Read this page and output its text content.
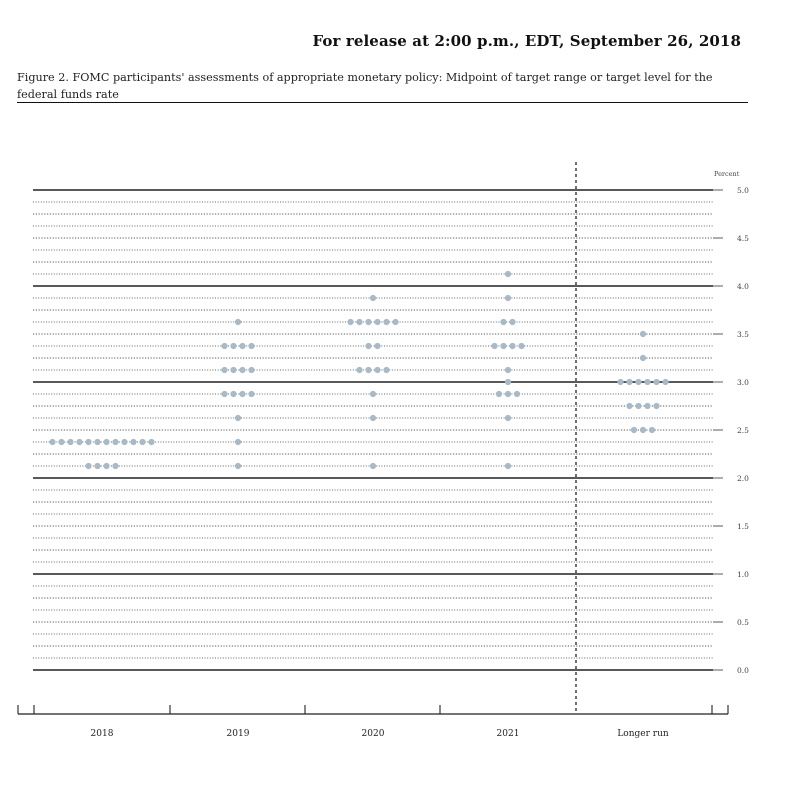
For release at 2:00 p.m., EDT, September 26, 2018
Figure 2. FOMC participants' assessments of appropriate monetary policy: Midpoint of target range or target level for the federal funds rate
Percent
0.0
0.5
1.0
1.5
2.0
2.5
3.0
3.5
4.0
4.5
5.0
2018	2019	2020	2021	Longer run
